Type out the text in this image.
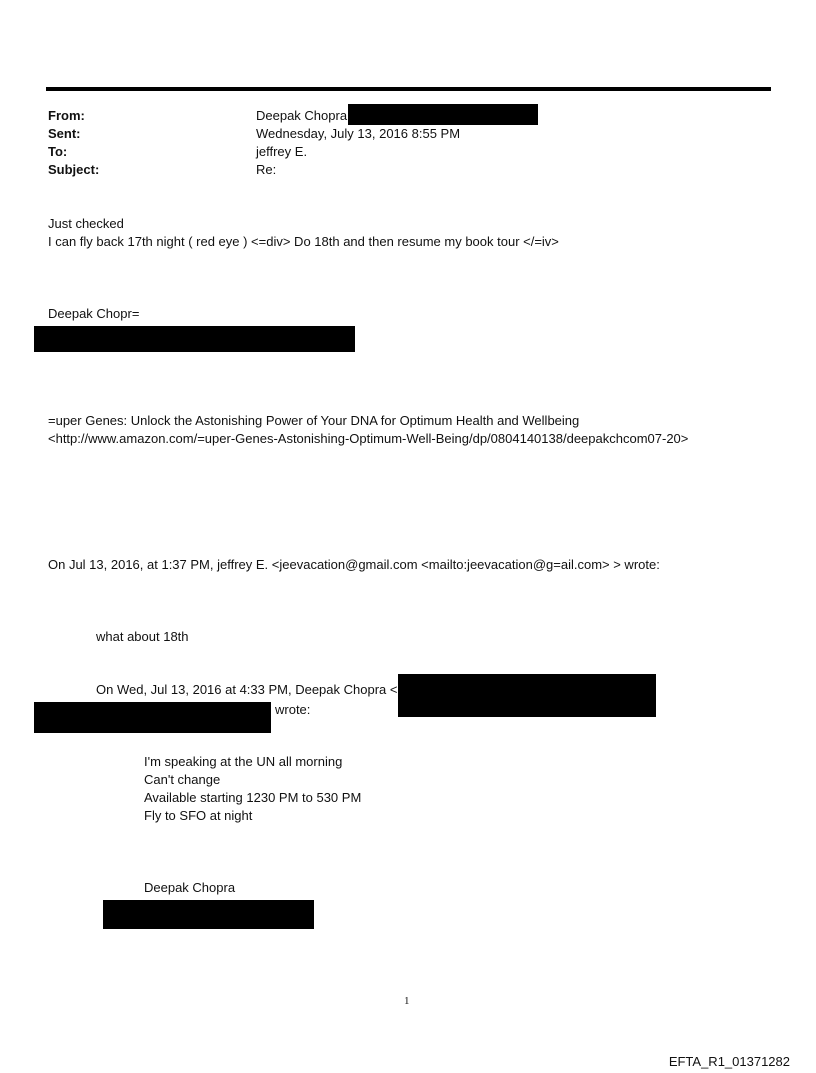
From:	Deepak Chopra
Sent:	Wednesday, July 13, 2016 8:55 PM
To:	jeffrey E.
Subject:	Re:
Just checked
I can fly back 17th night ( red eye ) <=div> Do 18th and then resume my book tour </=iv>
Deepak Chopr=
=uper Genes: Unlock the Astonishing Power of Your DNA for Optimum Health and Wellbeing
<http://www.amazon.com/=uper-Genes-Astonishing-Optimum-Well-Being/dp/0804140138/deepakchcom07-20>
On Jul 13, 2016, at 1:37 PM, jeffrey E. <jeevacation@gmail.com <mailto:jeevacation@g=ail.com> > wrote:
what about 18th
On Wed, Jul 13, 2016 at 4:33 PM, Deepak Chopra <
wrote:
I'm speaking at the UN all morning
Can't change
Available starting 1230 PM to 530 PM
Fly to SFO at night
Deepak Chopra
1
EFTA_R1_01371282
